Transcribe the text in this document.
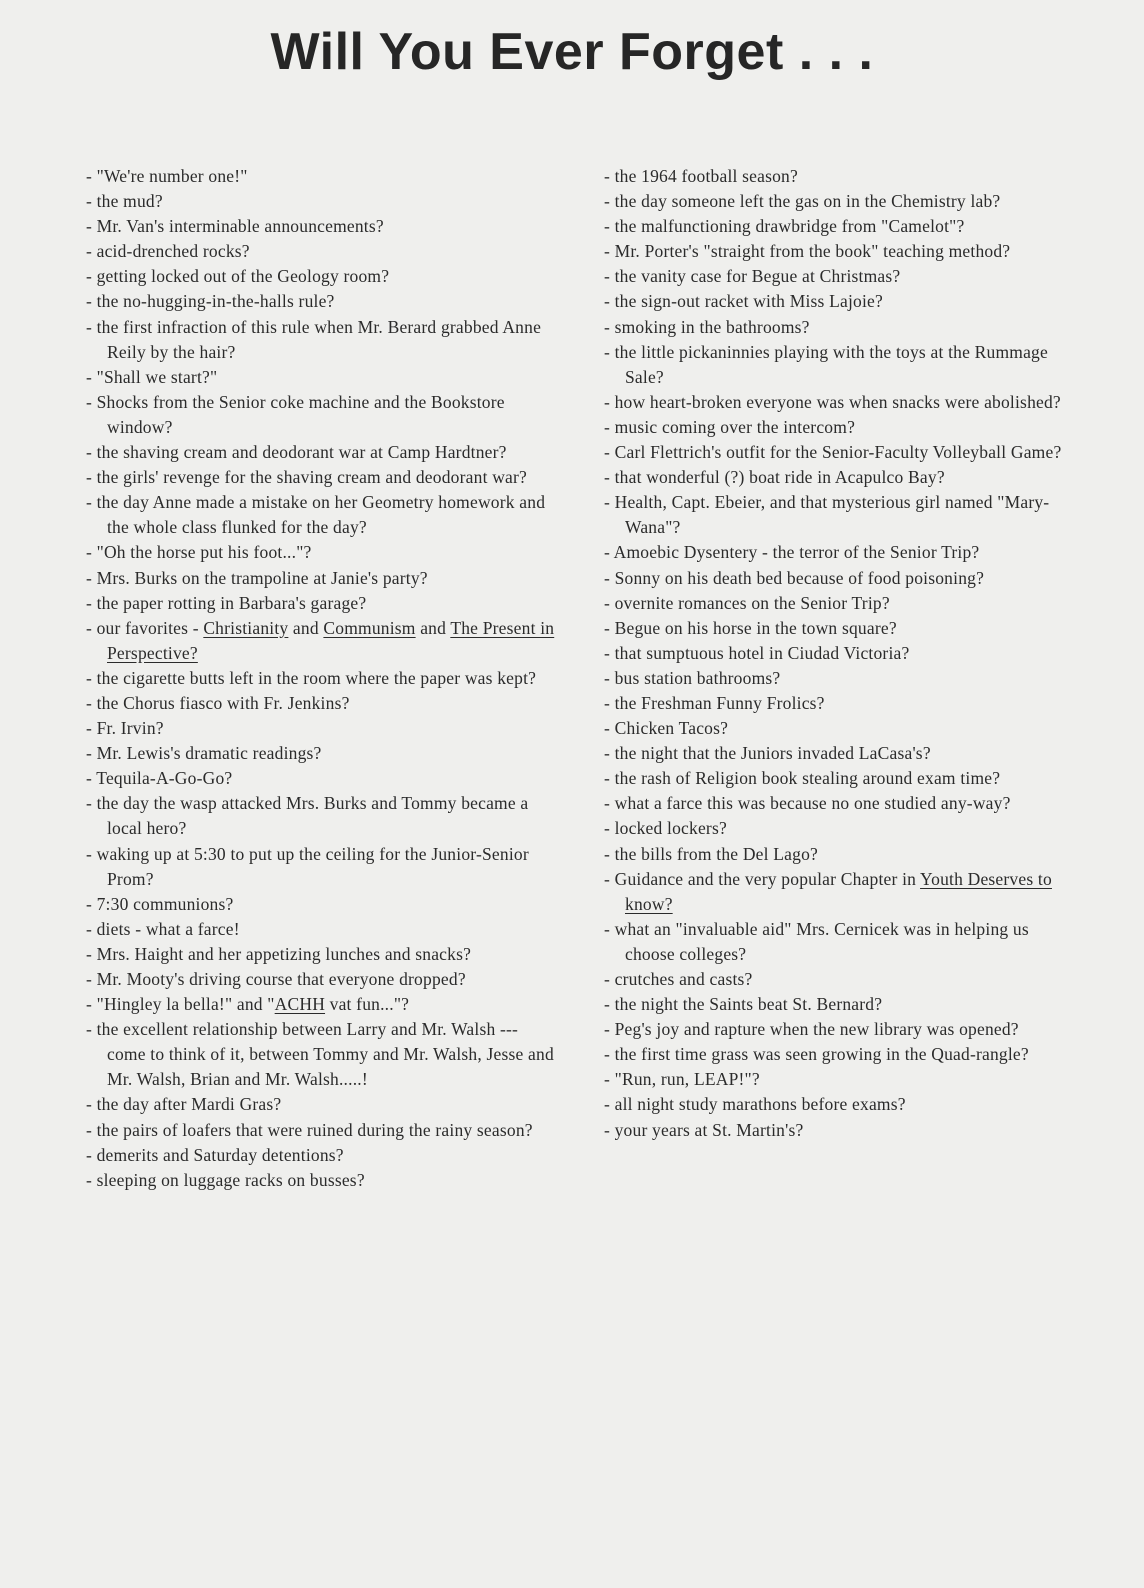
Will You Ever Forget . . .
- "We're number one!"
- the mud?
- Mr. Van's interminable announcements?
- acid-drenched rocks?
- getting locked out of the Geology room?
- the no-hugging-in-the-halls rule?
- the first infraction of this rule when Mr. Berard grabbed Anne Reily by the hair?
- "Shall we start?"
- Shocks from the Senior coke machine and the Bookstore window?
- the shaving cream and deodorant war at Camp Hardtner?
- the girls' revenge for the shaving cream and deodorant war?
- the day Anne made a mistake on her Geometry homework and the whole class flunked for the day?
- "Oh the horse put his foot..."?
- Mrs. Burks on the trampoline at Janie's party?
- the paper rotting in Barbara's garage?
- our favorites - Christianity and Communism and The Present in Perspective?
- the cigarette butts left in the room where the paper was kept?
- the Chorus fiasco with Fr. Jenkins?
- Fr. Irvin?
- Mr. Lewis's dramatic readings?
- Tequila-A-Go-Go?
- the day the wasp attacked Mrs. Burks and Tommy became a local hero?
- waking up at 5:30 to put up the ceiling for the Junior-Senior Prom?
- 7:30 communions?
- diets - what a farce!
- Mrs. Haight and her appetizing lunches and snacks?
- Mr. Mooty's driving course that everyone dropped?
- "Hingley la bella!" and "ACHH vat fun..."?
- the excellent relationship between Larry and Mr. Walsh --- come to think of it, between Tommy and Mr. Walsh, Jesse and Mr. Walsh, Brian and Mr. Walsh.....!
- the day after Mardi Gras?
- the pairs of loafers that were ruined during the rainy season?
- demerits and Saturday detentions?
- sleeping on luggage racks on busses?
- the 1964 football season?
- the day someone left the gas on in the Chemistry lab?
- the malfunctioning drawbridge from "Camelot"?
- Mr. Porter's "straight from the book" teaching method?
- the vanity case for Begue at Christmas?
- the sign-out racket with Miss Lajoie?
- smoking in the bathrooms?
- the little pickaninnies playing with the toys at the Rummage Sale?
- how heart-broken everyone was when snacks were abolished?
- music coming over the intercom?
- Carl Flettrich's outfit for the Senior-Faculty Volleyball Game?
- that wonderful (?) boat ride in Acapulco Bay?
- Health, Capt. Ebeier, and that mysterious girl named "Mary-Wana"?
- Amoebic Dysentery - the terror of the Senior Trip?
- Sonny on his death bed because of food poisoning?
- overnite romances on the Senior Trip?
- Begue on his horse in the town square?
- that sumptuous hotel in Ciudad Victoria?
- bus station bathrooms?
- the Freshman Funny Frolics?
- Chicken Tacos?
- the night that the Juniors invaded LaCasa's?
- the rash of Religion book stealing around exam time?
- what a farce this was because no one studied any-way?
- locked lockers?
- the bills from the Del Lago?
- Guidance and the very popular Chapter in Youth Deserves to know?
- what an "invaluable aid" Mrs. Cernicek was in helping us choose colleges?
- crutches and casts?
- the night the Saints beat St. Bernard?
- Peg's joy and rapture when the new library was opened?
- the first time grass was seen growing in the Quad-rangle?
- "Run, run, LEAP!"?
- all night study marathons before exams?
- your years at St. Martin's?
